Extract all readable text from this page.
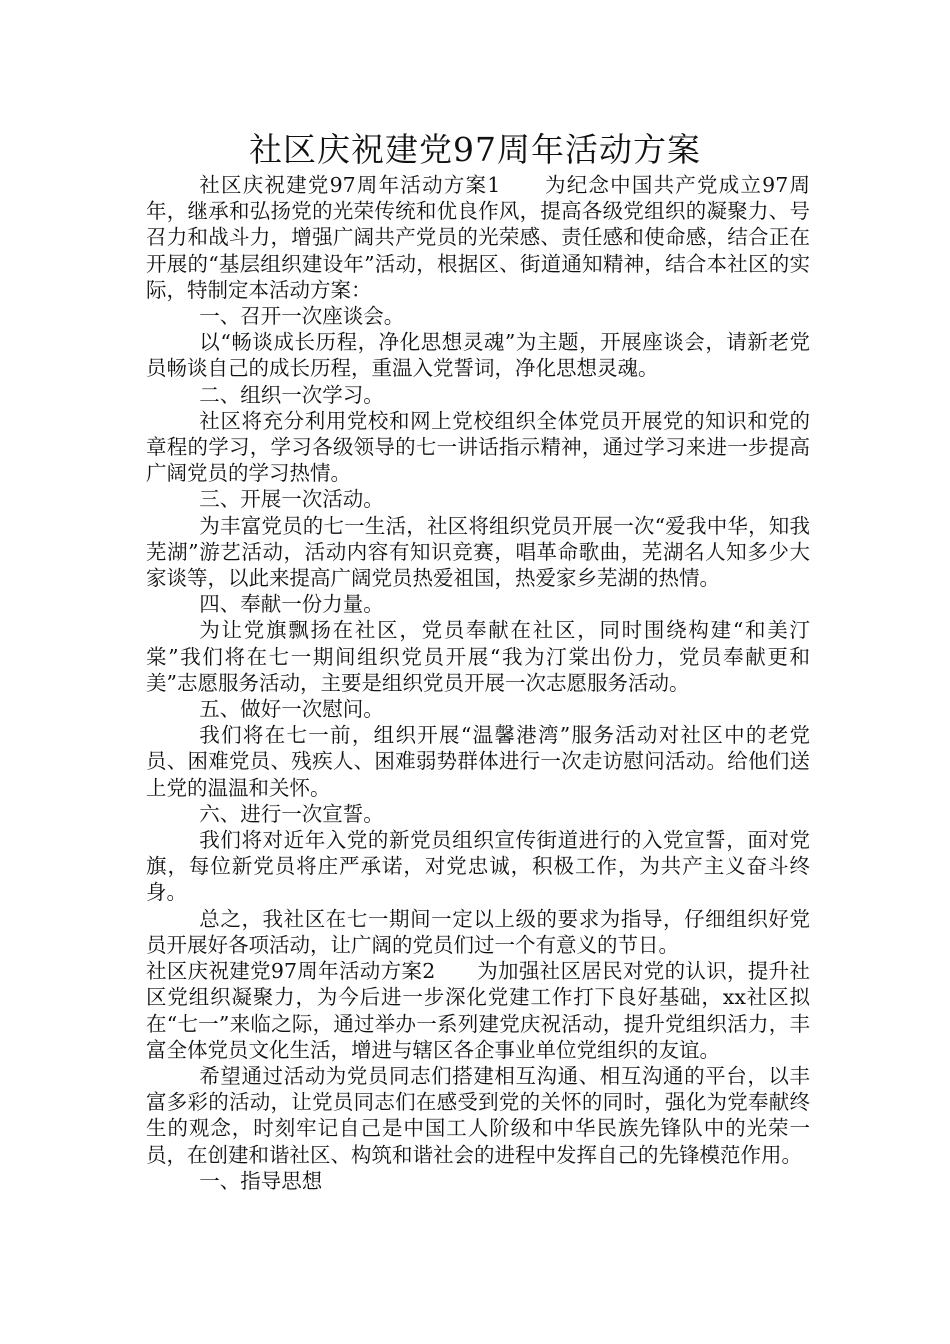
社区庆祝建党97周年活动方案

社区庆祝建党97周年活动方案1　　为纪念中国共产党成立97周年，继承和弘扬党的光荣传统和优良作风，提高各级党组织的凝聚力、号召力和战斗力，增强广阔共产党员的光荣感、责任感和使命感，结合正在开展的“基层组织建设年”活动，根据区、街道通知精神，结合本社区的实际，特制定本活动方案：

一、召开一次座谈会。

以“畅谈成长历程，净化思想灵魂”为主题，开展座谈会，请新老党员畅谈自己的成长历程，重温入党誓词，净化思想灵魂。

二、组织一次学习。

社区将充分利用党校和网上党校组织全体党员开展党的知识和党的章程的学习，学习各级领导的七一讲话指示精神，通过学习来进一步提高广阔党员的学习热情。

三、开展一次活动。

为丰富党员的七一生活，社区将组织党员开展一次“爱我中华，知我芜湖”游艺活动，活动内容有知识竞赛，唱革命歌曲，芜湖名人知多少大家谈等，以此来提高广阔党员热爱祖国，热爱家乡芜湖的热情。

四、奉献一份力量。

为让党旗飘扬在社区，党员奉献在社区，同时围绕构建“和美汀棠”我们将在七一期间组织党员开展“我为汀棠出份力，党员奉献更和美”志愿服务活动，主要是组织党员开展一次志愿服务活动。

五、做好一次慰问。

我们将在七一前，组织开展“温馨港湾”服务活动对社区中的老党员、困难党员、残疾人、困难弱势群体进行一次走访慰问活动。给他们送上党的温温和关怀。

六、进行一次宣誓。

我们将对近年入党的新党员组织宣传街道进行的入党宣誓，面对党旗，每位新党员将庄严承诺，对党忠诚，积极工作，为共产主义奋斗终身。

总之，我社区在七一期间一定以上级的要求为指导，仔细组织好党员开展好各项活动，让广阔的党员们过一个有意义的节日。

社区庆祝建党97周年活动方案2　　为加强社区居民对党的认识，提升社区党组织凝聚力，为今后进一步深化党建工作打下良好基础，xx社区拟在“七一”来临之际，通过举办一系列建党庆祝活动，提升党组织活力，丰富全体党员文化生活，增进与辖区各企事业单位党组织的友谊。

希望通过活动为党员同志们搭建相互沟通、相互沟通的平台，以丰富多彩的活动，让党员同志们在感受到党的关怀的同时，强化为党奉献终生的观念，时刻牢记自己是中国工人阶级和中华民族先锋队中的光荣一员，在创建和谐社区、构筑和谐社会的进程中发挥自己的先锋模范作用。

一、指导思想
